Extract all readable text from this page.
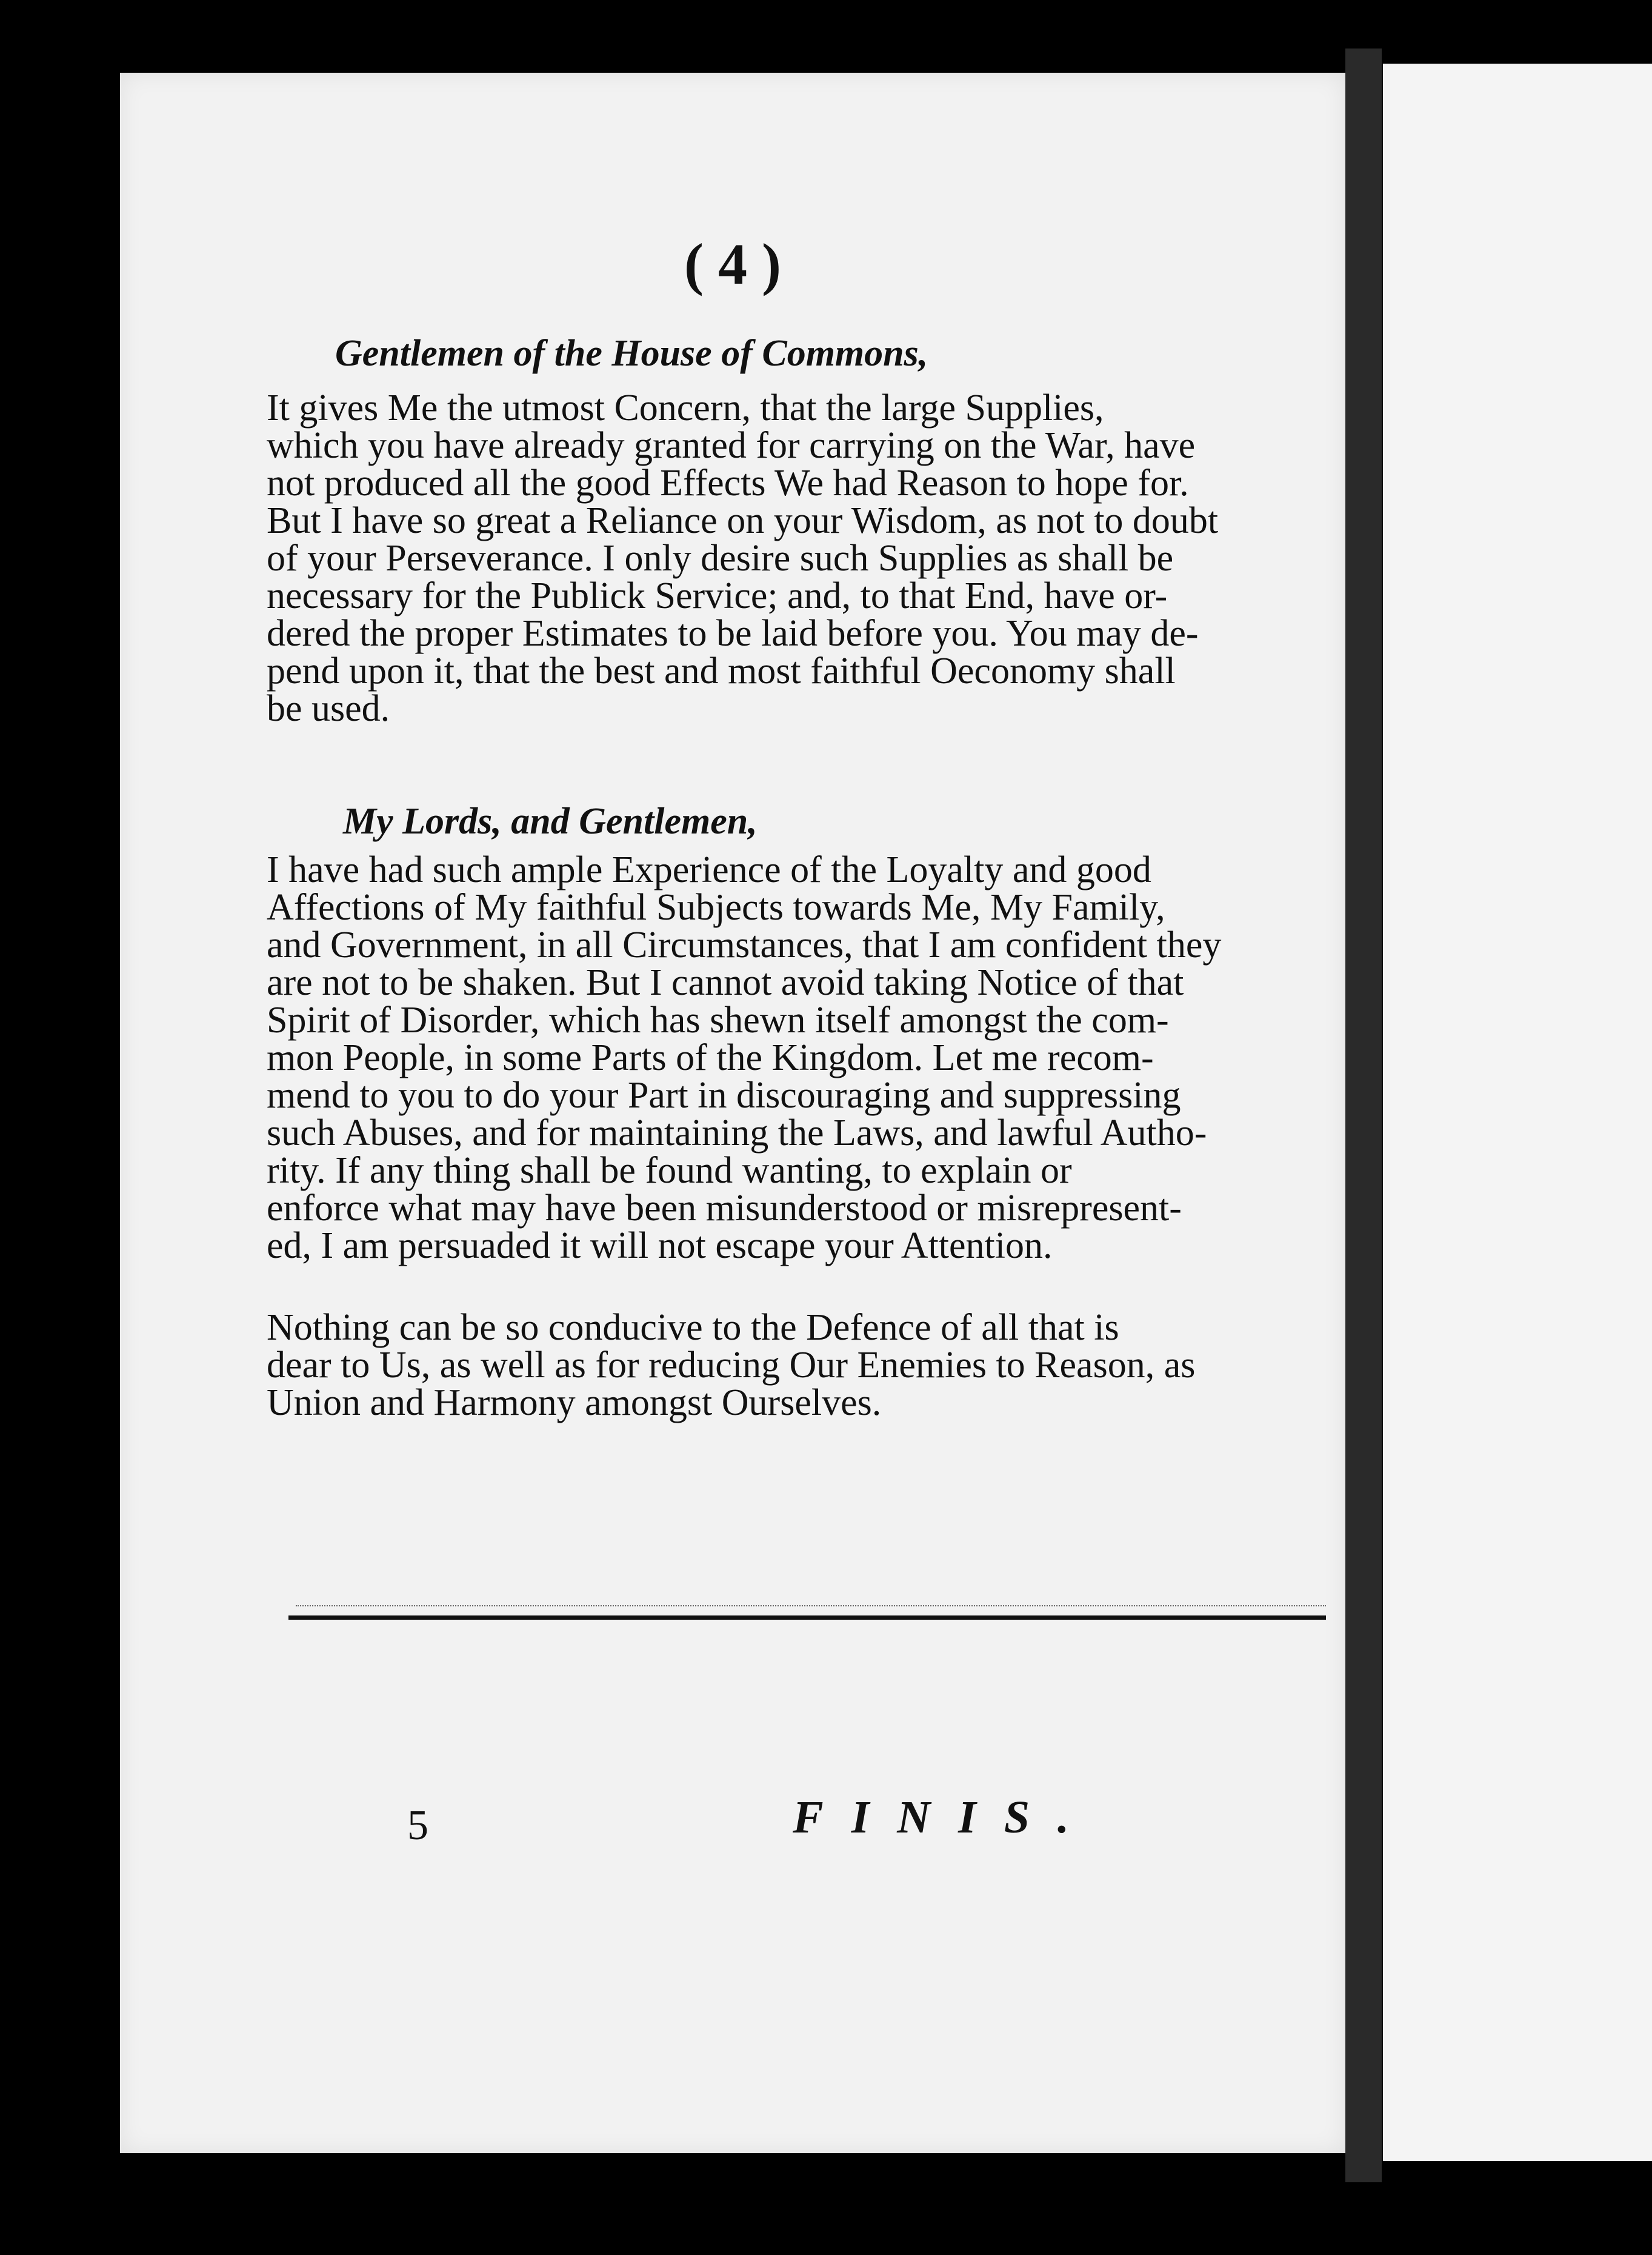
( 4 )
Gentlemen of the House of Commons,

It gives Me the utmost Concern, that the large Supplies,
which you have already granted for carrying on the War, have
not produced all the good Effects We had Reason to hope for.
But I have so great a Reliance on your Wisdom, as not to doubt
of your Perseverance. I only desire such Supplies as shall be
necessary for the Publick Service; and, to that End, have or-
dered the proper Estimates to be laid before you. You may de-
pend upon it, that the best and most faithful Oeconomy shall
be used.

My Lords, and Gentlemen,

I have had such ample Experience of the Loyalty and good
Affections of My faithful Subjects towards Me, My Family,
and Government, in all Circumstances, that I am confident they
are not to be shaken. But I cannot avoid taking Notice of that
Spirit of Disorder, which has shewn itself amongst the com-
mon People, in some Parts of the Kingdom. Let me recom-
mend to you to do your Part in discouraging and suppressing
such Abuses, and for maintaining the Laws, and lawful Autho-
rity. If any thing shall be found wanting, to explain or
enforce what may have been misunderstood or misrepresent-
ed, I am persuaded it will not escape your Attention.

Nothing can be so conducive to the Defence of all that is
dear to Us, as well as for reducing Our Enemies to Reason, as
Union and Harmony amongst Ourselves.

5	FINIS.
